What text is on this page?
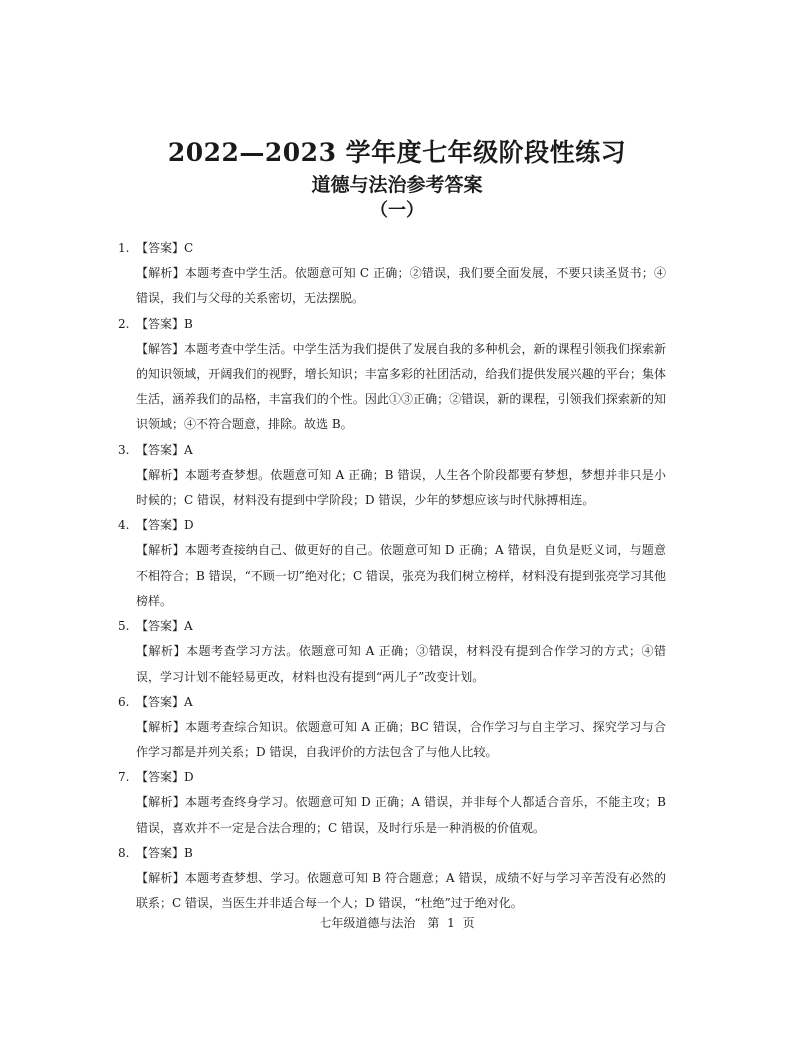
2022—2023 学年度七年级阶段性练习
道德与法治参考答案
（一）
1. 【答案】C
【解析】本题考查中学生活。依题意可知 C 正确；②错误，我们要全面发展，不要只读圣贤书；④错误，我们与父母的关系密切，无法摆脱。
2. 【答案】B
【解答】本题考查中学生活。中学生活为我们提供了发展自我的多种机会，新的课程引领我们探索新的知识领域，开阔我们的视野，增长知识；丰富多彩的社团活动，给我们提供发展兴趣的平台；集体生活，涵养我们的品格，丰富我们的个性。因此①③正确；②错误，新的课程，引领我们探索新的知识领域；④不符合题意，排除。故选 B。
3. 【答案】A
【解析】本题考查梦想。依题意可知 A 正确；B 错误，人生各个阶段都要有梦想，梦想并非只是小时候的；C 错误，材料没有提到中学阶段；D 错误，少年的梦想应该与时代脉搏相连。
4. 【答案】D
【解析】本题考查接纳自己、做更好的自己。依题意可知 D 正确；A 错误，自负是贬义词，与题意不相符合；B 错误，“不顾一切”绝对化；C 错误，张亮为我们树立榜样，材料没有提到张亮学习其他榜样。
5. 【答案】A
【解析】本题考查学习方法。依题意可知 A 正确；③错误，材料没有提到合作学习的方式；④错误，学习计划不能轻易更改，材料也没有提到“两儿子”改变计划。
6. 【答案】A
【解析】本题考查综合知识。依题意可知 A 正确；BC 错误，合作学习与自主学习、探究学习与合作学习都是并列关系；D 错误，自我评价的方法包含了与他人比较。
7. 【答案】D
【解析】本题考查终身学习。依题意可知 D 正确；A 错误，并非每个人都适合音乐，不能主攻；B 错误，喜欢并不一定是合法合理的；C 错误，及时行乐是一种消极的价值观。
8. 【答案】B
【解析】本题考查梦想、学习。依题意可知 B 符合题意；A 错误，成绩不好与学习辛苦没有必然的联系；C 错误，当医生并非适合每一个人；D 错误，“杜绝”过于绝对化。
七年级道德与法治　第 1 页
